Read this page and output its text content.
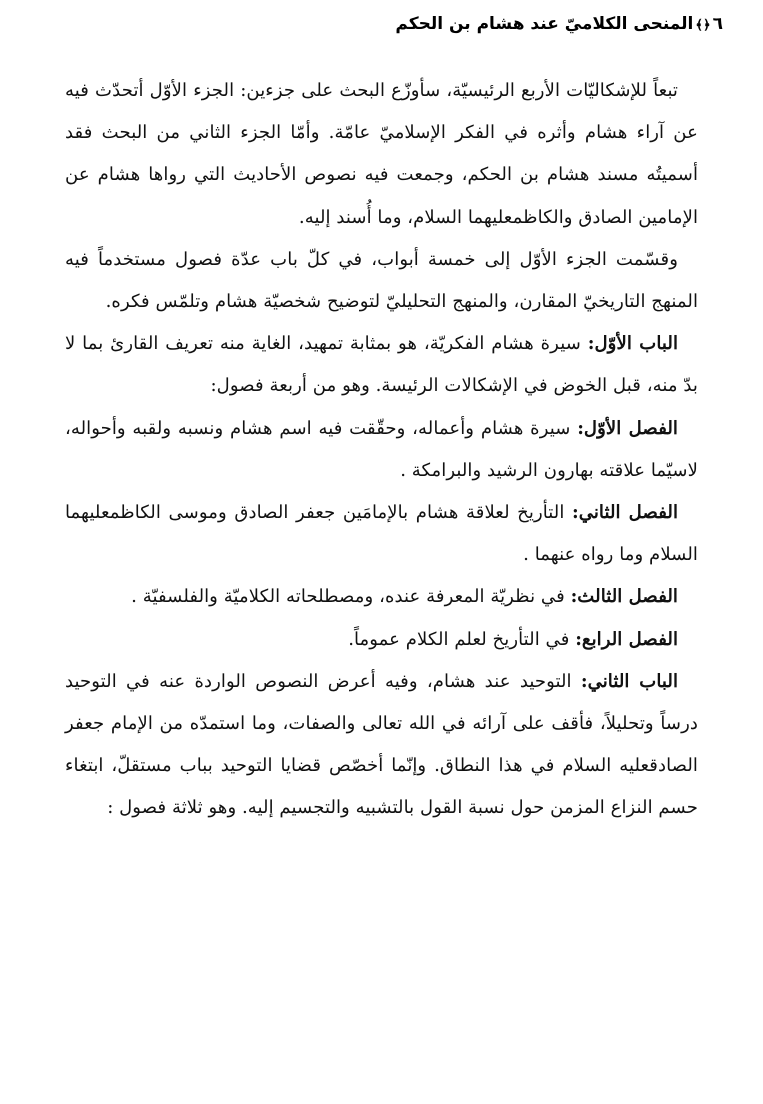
٦﴿﴾المنحى الكلاميّ عند هشام بن الحكم

تبعاً للإشكاليّات الأربع الرئيسيّة، سأوزّع البحث على جزءين: الجزء الأوّل أتحدّث فيه عن آراء هشام وأثره في الفكر الإسلاميّ عامّة. وأمّا الجزء الثاني من البحث فقد أسميتُه مسند هشام بن الحكم، وجمعت فيه نصوص الأحاديث التي رواها هشام عن الإمامين الصادق والكاظمعليهما السلام، وما أُسند إليه.

وقسّمت الجزء الأوّل إلى خمسة أبواب، في كلّ باب عدّة فصول مستخدماً فيه المنهج التاريخيّ المقارن، والمنهج التحليليّ لتوضيح شخصيّة هشام وتلمّس فكره.

الباب الأوّل: سيرة هشام الفكريّة، هو بمثابة تمهيد، الغاية منه تعريف القارئ بما لا بدّ منه، قبل الخوض في الإشكالات الرئيسة. وهو من أربعة فصول:

الفصل الأوّل: سيرة هشام وأعماله، وحقّقت فيه اسم هشام ونسبه ولقبه وأحواله، لاسيّما علاقته بهارون الرشيد والبرامكة .

الفصل الثاني: التأريخ لعلاقة هشام بالإمامَين جعفر الصادق وموسى الكاظمعليهما السلام وما رواه عنهما .

الفصل الثالث: في نظريّة المعرفة عنده، ومصطلحاته الكلاميّة والفلسفيّة .

الفصل الرابع: في التأريخ لعلم الكلام عموماً.

الباب الثاني: التوحيد عند هشام، وفيه أعرض النصوص الواردة عنه في التوحيد درساً وتحليلاً، فأقف على آرائه في الله تعالى والصفات، وما استمدّه من الإمام جعفر الصادقعليه السلام في هذا النطاق. وإنّما أخصّص قضايا التوحيد بباب مستقلّ، ابتغاء حسم النزاع المزمن حول نسبة القول بالتشبيه والتجسيم إليه. وهو ثلاثة فصول :
